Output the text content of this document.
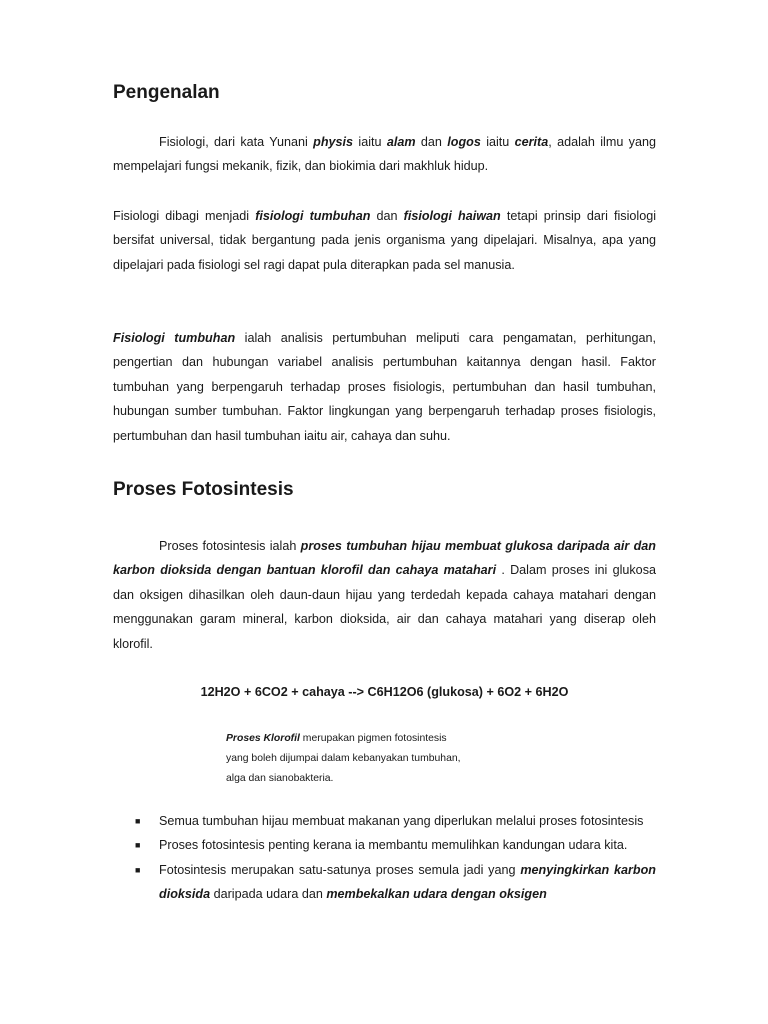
Pengenalan

Fisiologi, dari kata Yunani physis iaitu alam dan logos iaitu cerita, adalah ilmu yang mempelajari fungsi mekanik, fizik, dan biokimia dari makhluk hidup.

Fisiologi dibagi menjadi fisiologi tumbuhan dan fisiologi haiwan tetapi prinsip dari fisiologi bersifat universal, tidak bergantung pada jenis organisma yang dipelajari. Misalnya, apa yang dipelajari pada fisiologi sel ragi dapat pula diterapkan pada sel manusia.

Fisiologi tumbuhan ialah analisis pertumbuhan meliputi cara pengamatan, perhitungan, pengertian dan hubungan variabel analisis pertumbuhan kaitannya dengan hasil. Faktor tumbuhan yang berpengaruh terhadap proses fisiologis, pertumbuhan dan hasil tumbuhan, hubungan sumber tumbuhan. Faktor lingkungan yang berpengaruh terhadap proses fisiologis, pertumbuhan dan hasil tumbuhan iaitu air, cahaya dan suhu.

Proses Fotosintesis

Proses fotosintesis ialah proses tumbuhan hijau membuat glukosa daripada air dan karbon dioksida dengan bantuan klorofil dan cahaya matahari . Dalam proses ini glukosa dan oksigen dihasilkan oleh daun-daun hijau yang terdedah kepada cahaya matahari dengan menggunakan garam mineral, karbon dioksida, air dan cahaya matahari yang diserap oleh klorofil.

12H2O + 6CO2 + cahaya --> C6H12O6 (glukosa) + 6O2 + 6H2O
■ Semua tumbuhan hijau membuat makanan yang diperlukan melalui proses fotosintesis
■ Proses fotosintesis penting kerana ia membantu memulihkan kandungan udara kita.
■ Fotosintesis merupakan satu-satunya proses semula jadi yang menyingkirkan karbon dioksida daripada udara dan membekalkan udara dengan oksigen
Proses Klorofil merupakan pigmen fotosintesis
yang boleh dijumpai dalam kebanyakan tumbuhan,
alga dan sianobakteria.
